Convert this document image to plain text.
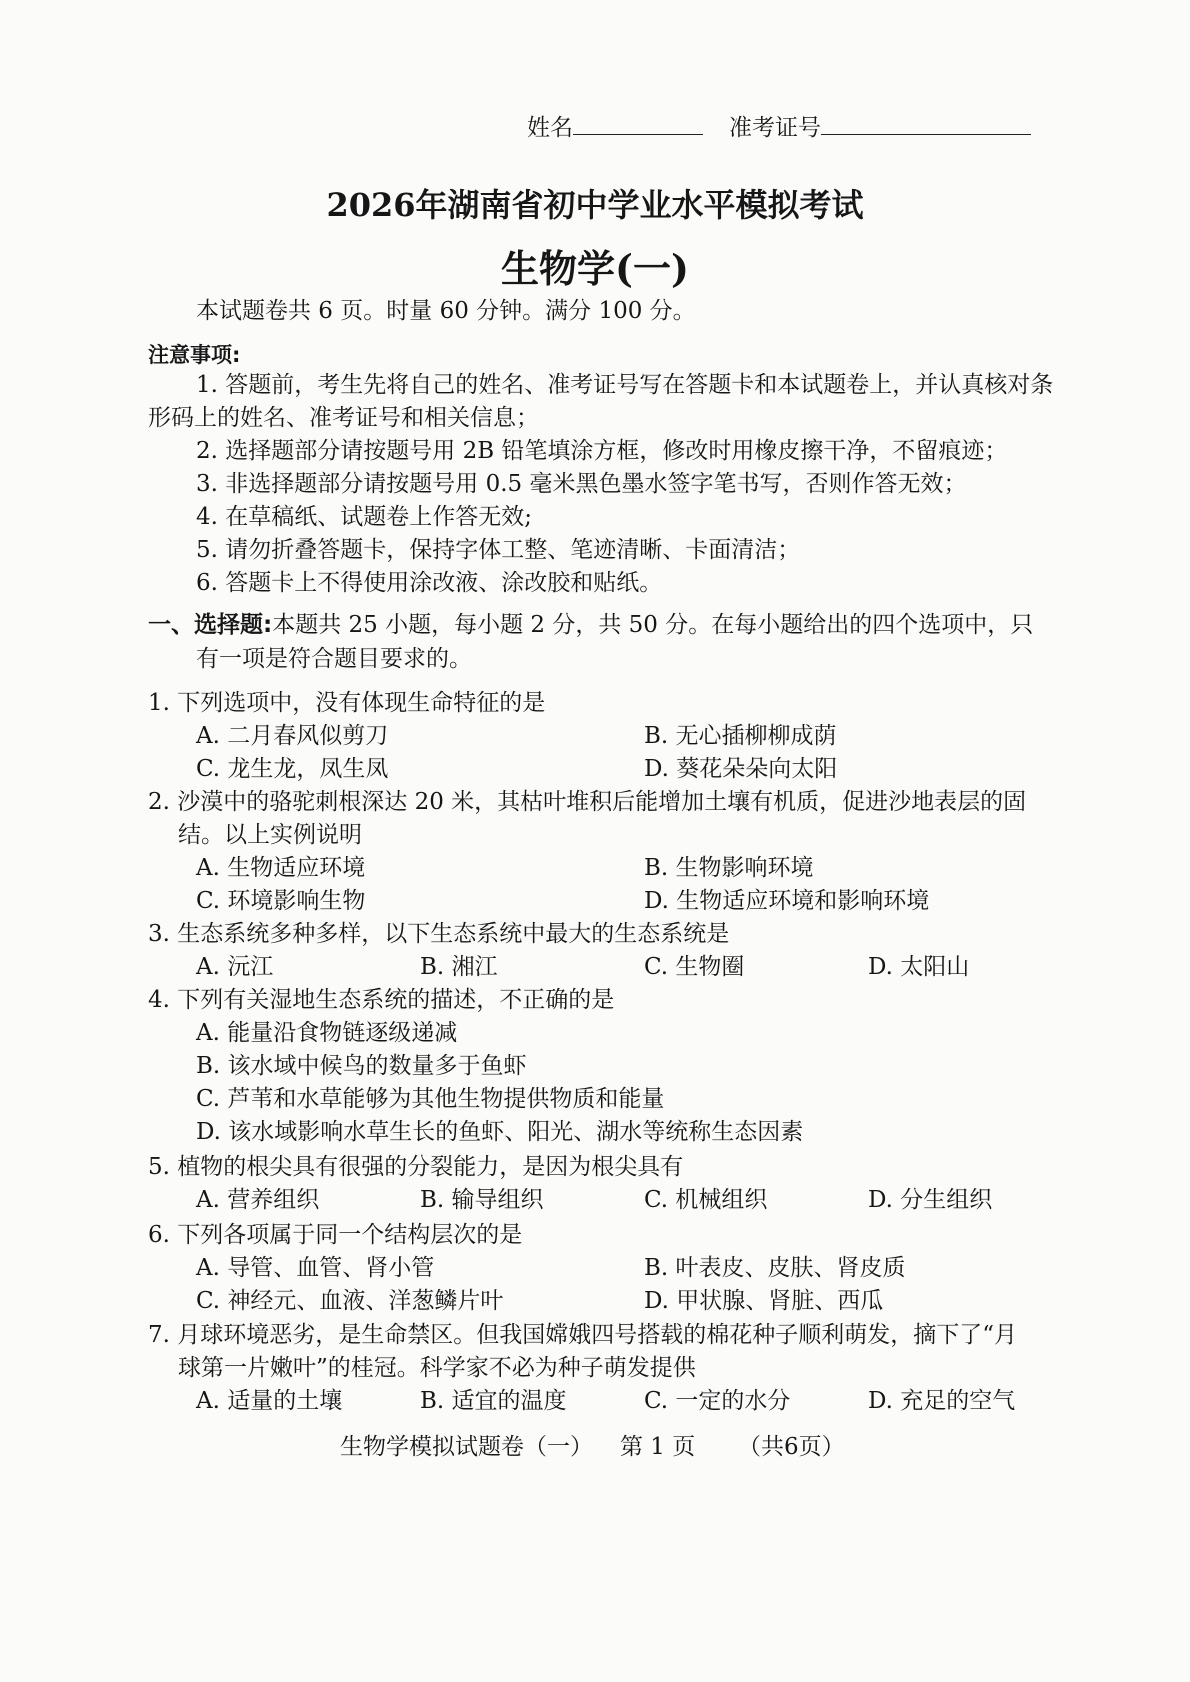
姓名	准考证号
2026年湖南省初中学业水平模拟考试
生物学(一)
本试题卷共 6 页。时量 60 分钟。满分 100 分。
注意事项:
1. 答题前，考生先将自己的姓名、准考证号写在答题卡和本试题卷上，并认真核对条
形码上的姓名、准考证号和相关信息；
2. 选择题部分请按题号用 2B 铅笔填涂方框，修改时用橡皮擦干净，不留痕迹；
3. 非选择题部分请按题号用 0.5 毫米黑色墨水签字笔书写，否则作答无效；
4. 在草稿纸、试题卷上作答无效;
5. 请勿折叠答题卡，保持字体工整、笔迹清晰、卡面清洁；
6. 答题卡上不得使用涂改液、涂改胶和贴纸。
一、选择题:本题共 25 小题，每小题 2 分，共 50 分。在每小题给出的四个选项中，只
有一项是符合题目要求的。
1. 下列选项中，没有体现生命特征的是
A. 二月春风似剪刀	B. 无心插柳柳成荫
C. 龙生龙，凤生凤	D. 葵花朵朵向太阳
2. 沙漠中的骆驼刺根深达 20 米，其枯叶堆积后能增加土壤有机质，促进沙地表层的固
结。以上实例说明
A. 生物适应环境	B. 生物影响环境
C. 环境影响生物	D. 生物适应环境和影响环境
3. 生态系统多种多样，以下生态系统中最大的生态系统是
A. 沅江	B. 湘江	C. 生物圈	D. 太阳山
4. 下列有关湿地生态系统的描述，不正确的是
A. 能量沿食物链逐级递减
B. 该水域中候鸟的数量多于鱼虾
C. 芦苇和水草能够为其他生物提供物质和能量
D. 该水域影响水草生长的鱼虾、阳光、湖水等统称生态因素
5. 植物的根尖具有很强的分裂能力，是因为根尖具有
A. 营养组织	B. 输导组织	C. 机械组织	D. 分生组织
6. 下列各项属于同一个结构层次的是
A. 导管、血管、肾小管	B. 叶表皮、皮肤、肾皮质
C. 神经元、血液、洋葱鳞片叶	D. 甲状腺、肾脏、西瓜
7. 月球环境恶劣，是生命禁区。但我国嫦娥四号搭载的棉花种子顺利萌发，摘下了“月
球第一片嫩叶”的桂冠。科学家不必为种子萌发提供
A. 适量的土壤	B. 适宜的温度	C. 一定的水分	D. 充足的空气
生物学模拟试题卷（一） 第 1 页 （共6页）
